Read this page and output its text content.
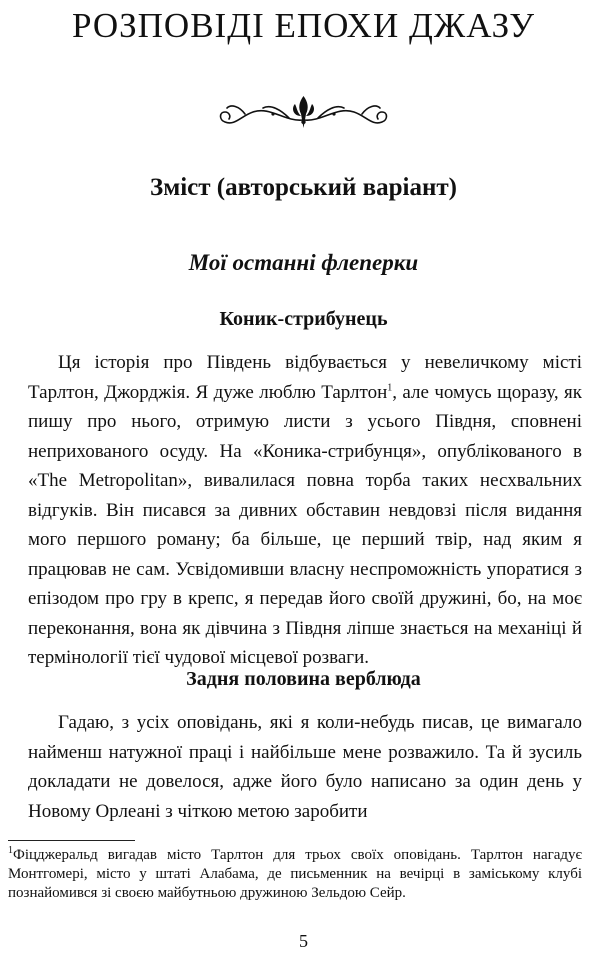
РОЗПОВІДІ ЕПОХИ ДЖАЗУ
Зміст (авторський варіант)
Мої останні флеперки
Коник-стрибунець

Ця історія про Південь відбувається у невеличкому місті Тарлтон, Джорджія. Я дуже люблю Тарлтон$^1$, але чомусь щоразу, як пишу про нього, отримую листи з усього Півдня, сповнені неприхованого осуду. На «Коника-стрибунця», опублікованого в «The Metropolitan», вивалилася повна торба таких несхвальних відгуків. Він писався за дивних обставин невдовзі після видання мого першого роману; ба більше, це перший твір, над яким я працював не сам. Усвідомивши власну неспроможність упоратися з епізодом про гру в крепс, я передав його своїй дружині, бо, на моє переконання, вона як дівчина з Півдня ліпше знається на механіці й термінології тієї чудової місцевої розваги.

Задня половина верблюда

Гадаю, з усіх оповідань, які я коли-небудь писав, це вимагало найменш натужної праці і найбільше мене розважило. Та й зусиль докладати не довелося, адже його було написано за один день у Новому Орлеані з чіткою метою заробити

$^1$Фіцджеральд вигадав місто Тарлтон для трьох своїх оповідань. Тарлтон нагадує Монтгомері, місто у штаті Алабама, де письменник на вечірці в заміському клубі познайомився зі своєю майбутньою дружиною Зельдою Сейр.

5
